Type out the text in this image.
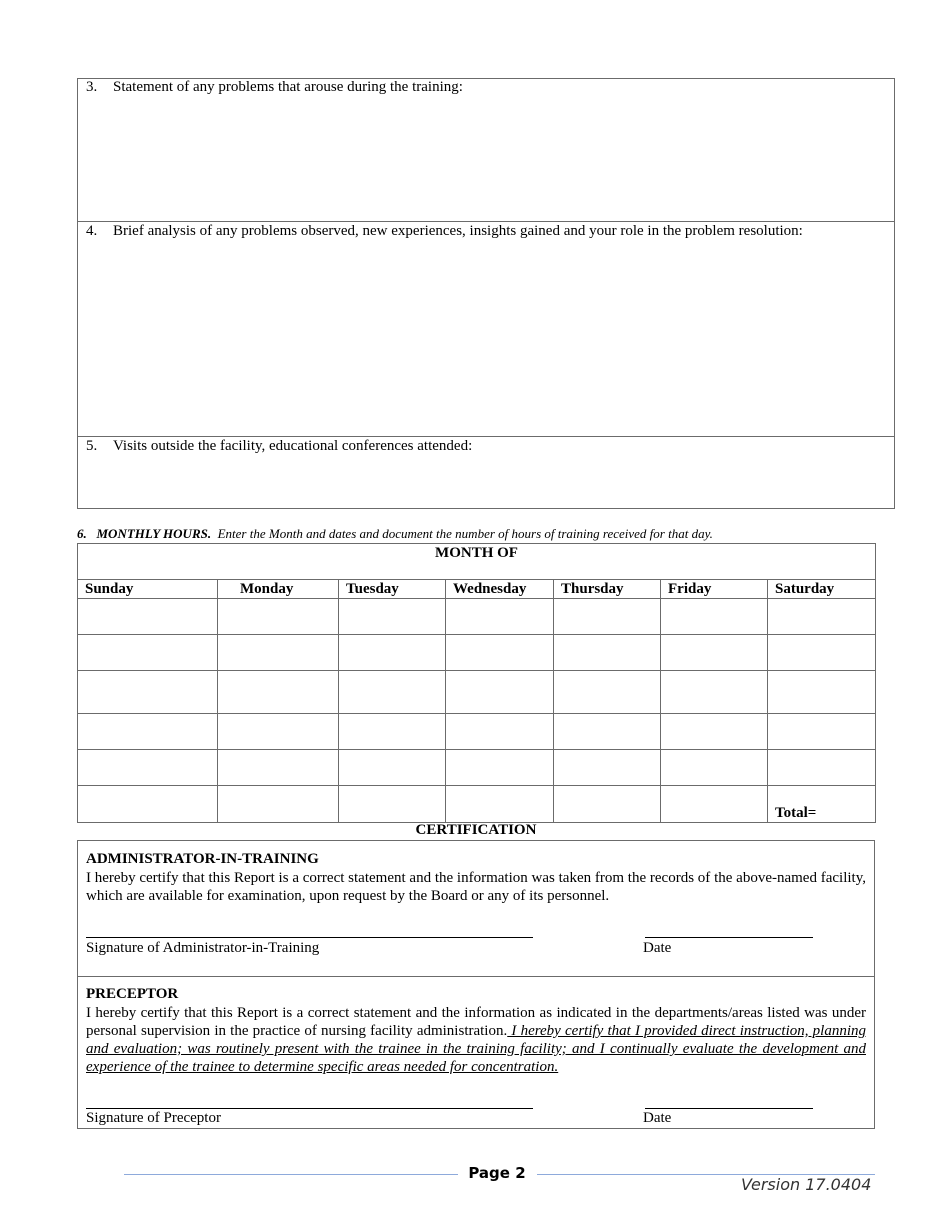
3. Statement of any problems that arouse during the training:
4. Brief analysis of any problems observed, new experiences, insights gained and your role in the problem resolution:
5. Visits outside the facility, educational conferences attended:
6. MONTHLY HOURS. Enter the Month and dates and document the number of hours of training received for that day.
MONTH OF						
Sunday	Monday	Tuesday	Wednesday	Thursday	Friday	Saturday

						Total=
CERTIFICATION
ADMINISTRATOR-IN-TRAINING
I hereby certify that this Report is a correct statement and the information was taken from the records of the above-named facility, which are available for examination, upon request by the Board or any of its personnel.
Signature of Administrator-in-Training	Date
PRECEPTOR
I hereby certify that this Report is a correct statement and the information as indicated in the departments/areas listed was under personal supervision in the practice of nursing facility administration. I hereby certify that I provided direct instruction, planning and evaluation; was routinely present with the trainee in the training facility; and I continually evaluate the development and experience of the trainee to determine specific areas needed for concentration.
Signature of Preceptor	Date
Page 2
Version 17.0404
